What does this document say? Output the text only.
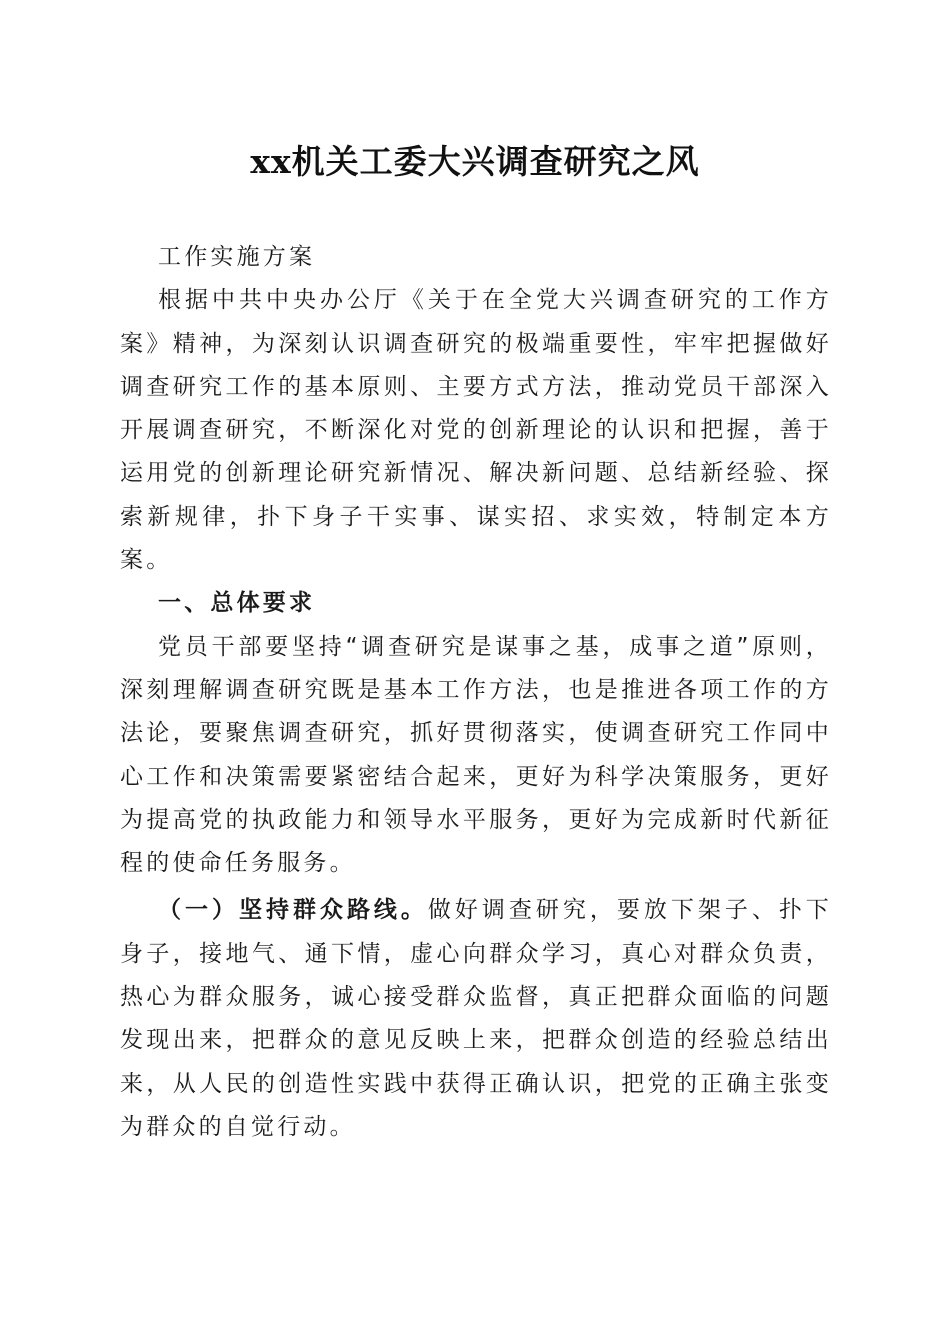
xx机关工委大兴调查研究之风

工作实施方案

根据中共中央办公厅《关于在全党大兴调查研究的工作方案》精神，为深刻认识调查研究的极端重要性，牢牢把握做好调查研究工作的基本原则、主要方式方法，推动党员干部深入开展调查研究，不断深化对党的创新理论的认识和把握，善于运用党的创新理论研究新情况、解决新问题、总结新经验、探索新规律，扑下身子干实事、谋实招、求实效，特制定本方案。

一、总体要求

党员干部要坚持“调查研究是谋事之基，成事之道”原则，深刻理解调查研究既是基本工作方法，也是推进各项工作的方法论，要聚焦调查研究，抓好贯彻落实，使调查研究工作同中心工作和决策需要紧密结合起来，更好为科学决策服务，更好为提高党的执政能力和领导水平服务，更好为完成新时代新征程的使命任务服务。

（一）坚持群众路线。做好调查研究，要放下架子、扑下身子，接地气、通下情，虚心向群众学习，真心对群众负责，热心为群众服务，诚心接受群众监督，真正把群众面临的问题发现出来，把群众的意见反映上来，把群众创造的经验总结出来，从人民的创造性实践中获得正确认识，把党的正确主张变为群众的自觉行动。
